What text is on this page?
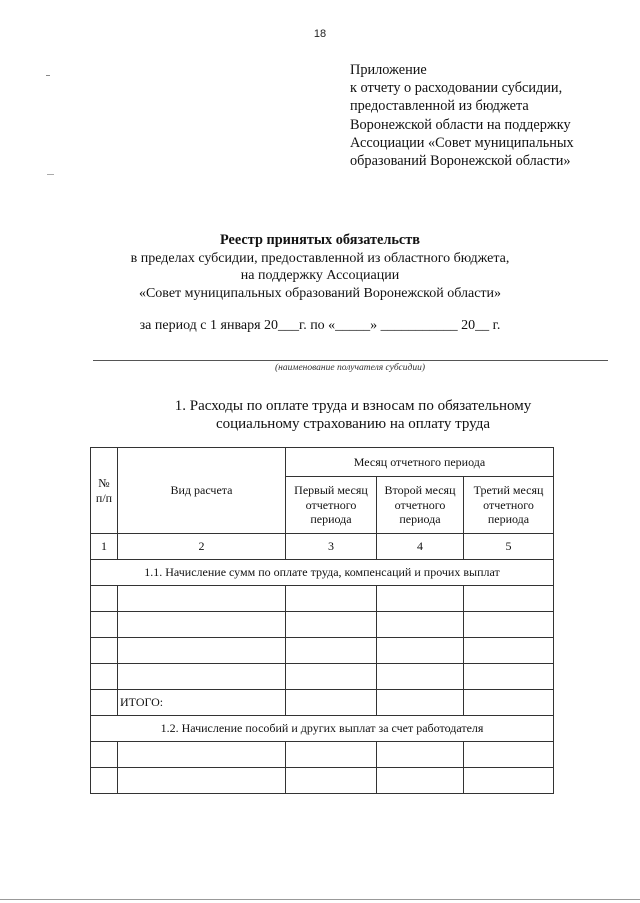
18
Приложение
к отчету о расходовании субсидии,
предоставленной из бюджета
Воронежской области на поддержку
Ассоциации «Совет муниципальных
образований Воронежской области»
Реестр принятых обязательств
в пределах субсидии, предоставленной из областного бюджета,
на поддержку Ассоциации
«Совет муниципальных образований Воронежской области»
за период с 1 января 20___г. по «_____» ___________ 20__ г.
(наименование получателя субсидии)
1. Расходы по оплате труда и взносам по обязательному
социальному страхованию на оплату труда
№ п/п	Вид расчета	Месяц отчетного периода		
		Первый месяц отчетного периода	Второй месяц отчетного периода	Третий месяц отчетного периода
1	2	3	4	5
1.1. Начисление сумм по оплате труда, компенсаций и прочих выплат				

	ИТОГО:			
1.2. Начисление пособий и других выплат за счет работодателя				
